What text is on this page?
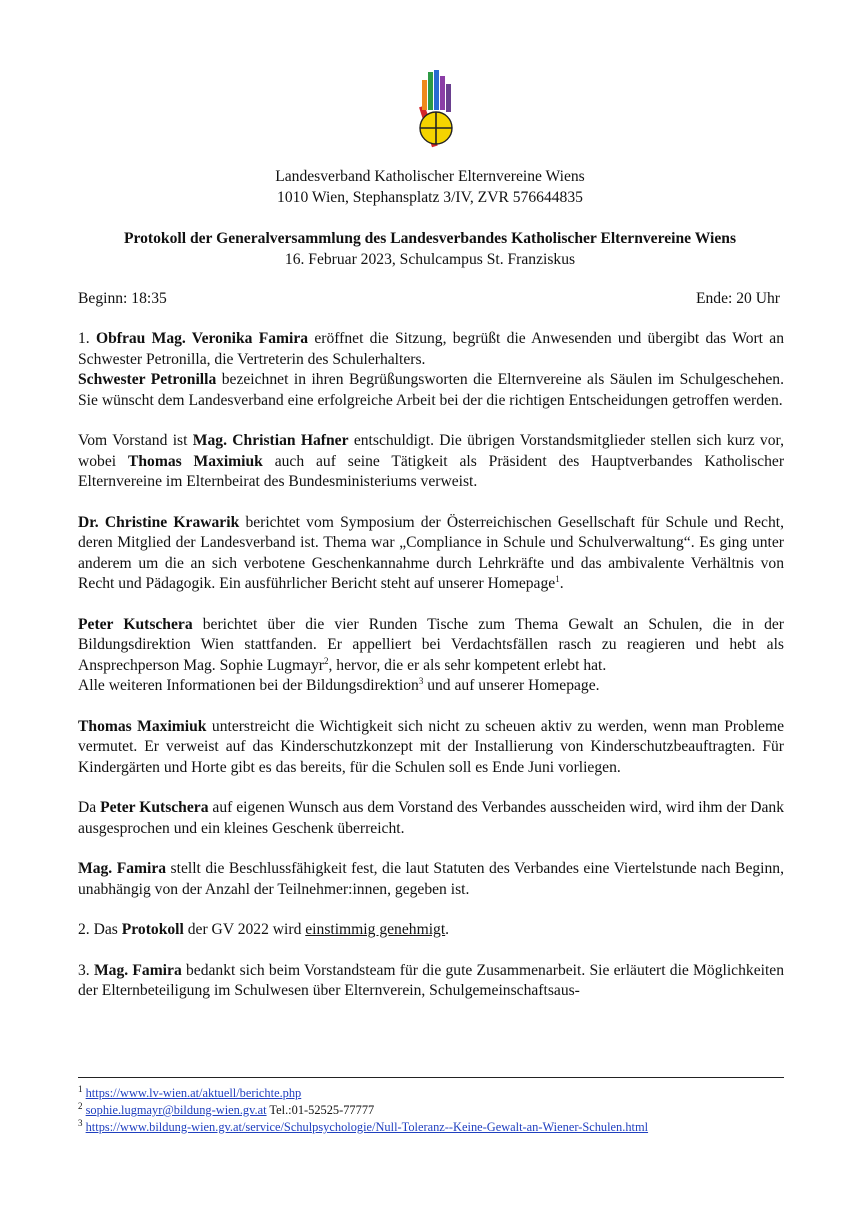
Landesverband Katholischer Elternvereine Wiens
1010 Wien, Stephansplatz 3/IV, ZVR 576644835
Protokoll der Generalversammlung des Landesverbandes Katholischer Elternvereine Wiens
16. Februar 2023, Schulcampus St. Franziskus
Beginn: 18:35	Ende: 20 Uhr

1. Obfrau Mag. Veronika Famira eröffnet die Sitzung, begrüßt die Anwesenden und übergibt das Wort an Schwester Petronilla, die Vertreterin des Schulerhalters.

Schwester Petronilla bezeichnet in ihren Begrüßungsworten die Elternvereine als Säulen im Schulgeschehen. Sie wünscht dem Landesverband eine erfolgreiche Arbeit bei der die richtigen Entscheidungen getroffen werden.

Vom Vorstand ist Mag. Christian Hafner entschuldigt. Die übrigen Vorstandsmitglieder stellen sich kurz vor, wobei Thomas Maximiuk auch auf seine Tätigkeit als Präsident des Hauptverbandes Katholischer Elternvereine im Elternbeirat des Bundesministeriums verweist.

Dr. Christine Krawarik berichtet vom Symposium der Österreichischen Gesellschaft für Schule und Recht, deren Mitglied der Landesverband ist. Thema war „Compliance in Schule und Schulverwaltung“. Es ging unter anderem um die an sich verbotene Geschenkannahme durch Lehrkräfte und das ambivalente Verhältnis von Recht und Pädagogik. Ein ausführlicher Bericht steht auf unserer Homepage$^1$.

Peter Kutschera berichtet über die vier Runden Tische zum Thema Gewalt an Schulen, die in der Bildungsdirektion Wien stattfanden. Er appelliert bei Verdachtsfällen rasch zu reagieren und hebt als Ansprechperson Mag. Sophie Lugmayr$^2$, hervor, die er als sehr kompetent erlebt hat.

Alle weiteren Informationen bei der Bildungsdirektion$^3$ und auf unserer Homepage.

Thomas Maximiuk unterstreicht die Wichtigkeit sich nicht zu scheuen aktiv zu werden, wenn man Probleme vermutet. Er verweist auf das Kinderschutzkonzept mit der Installierung von Kinderschutzbeauftragten. Für Kindergärten und Horte gibt es das bereits, für die Schulen soll es Ende Juni vorliegen.

Da Peter Kutschera auf eigenen Wunsch aus dem Vorstand des Verbandes ausscheiden wird, wird ihm der Dank ausgesprochen und ein kleines Geschenk überreicht.

Mag. Famira stellt die Beschlussfähigkeit fest, die laut Statuten des Verbandes eine Viertelstunde nach Beginn, unabhängig von der Anzahl der Teilnehmer:innen, gegeben ist.

2. Das Protokoll der GV 2022 wird einstimmig genehmigt.

3. Mag. Famira bedankt sich beim Vorstandsteam für die gute Zusammenarbeit. Sie erläutert die Möglichkeiten der Elternbeteiligung im Schulwesen über Elternverein, Schulgemeinschaftsaus-

$^1$ https://www.lv-wien.at/aktuell/berichte.php
$^2$ sophie.lugmayr@bildung-wien.gv.at Tel.:01-52525-77777
$^3$ https://www.bildung-wien.gv.at/service/Schulpsychologie/Null-Toleranz--Keine-Gewalt-an-Wiener-Schulen.html
